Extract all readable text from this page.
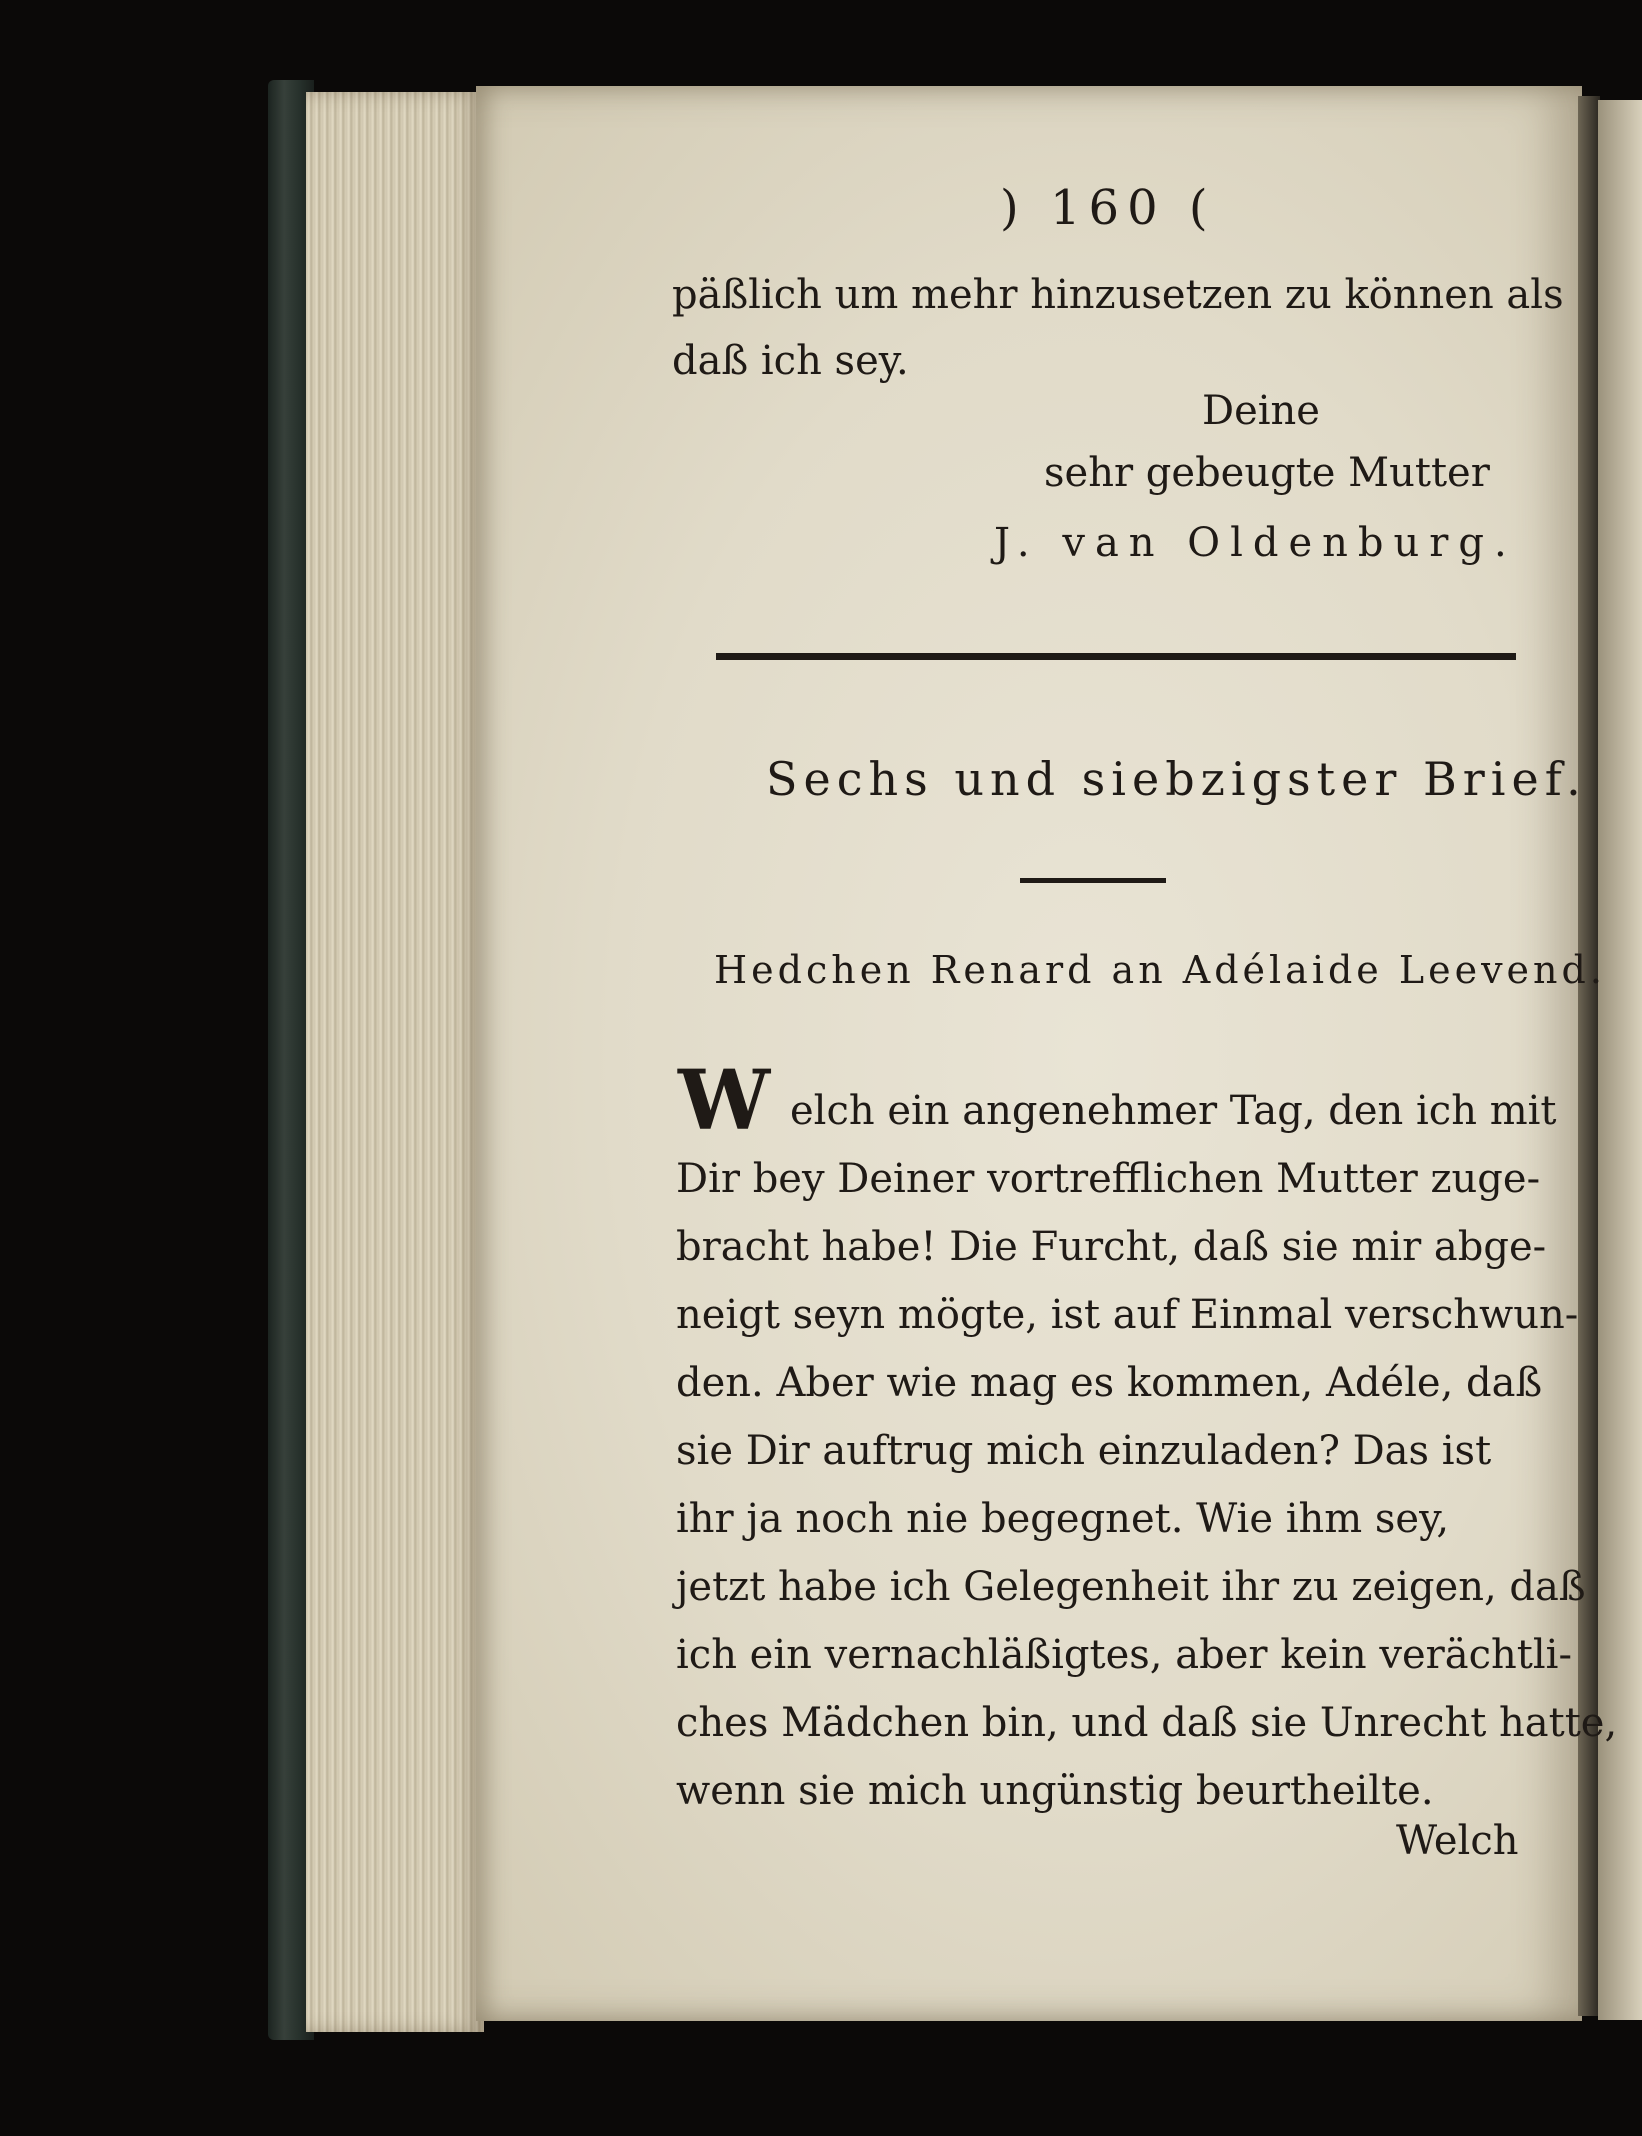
) 160 (
päßlich um mehr hinzusetzen zu können als
daß ich sey.
Deine
sehr gebeugte Mutter
J. van Oldenburg.
Sechs und siebzigster Brief.
Hedchen Renard an Adélaide Leevend.
W elch ein angenehmer Tag, den ich mit
Dir bey Deiner vortrefflichen Mutter zuge-
bracht habe! Die Furcht, daß sie mir abge-
neigt seyn mögte, ist auf Einmal verschwun-
den. Aber wie mag es kommen, Adéle, daß
sie Dir auftrug mich einzuladen? Das ist
ihr ja noch nie begegnet. Wie ihm sey,
jetzt habe ich Gelegenheit ihr zu zeigen, daß
ich ein vernachläßigtes, aber kein verächtli-
ches Mädchen bin, und daß sie Unrecht hatte,
wenn sie mich ungünstig beurtheilte.
Welch
